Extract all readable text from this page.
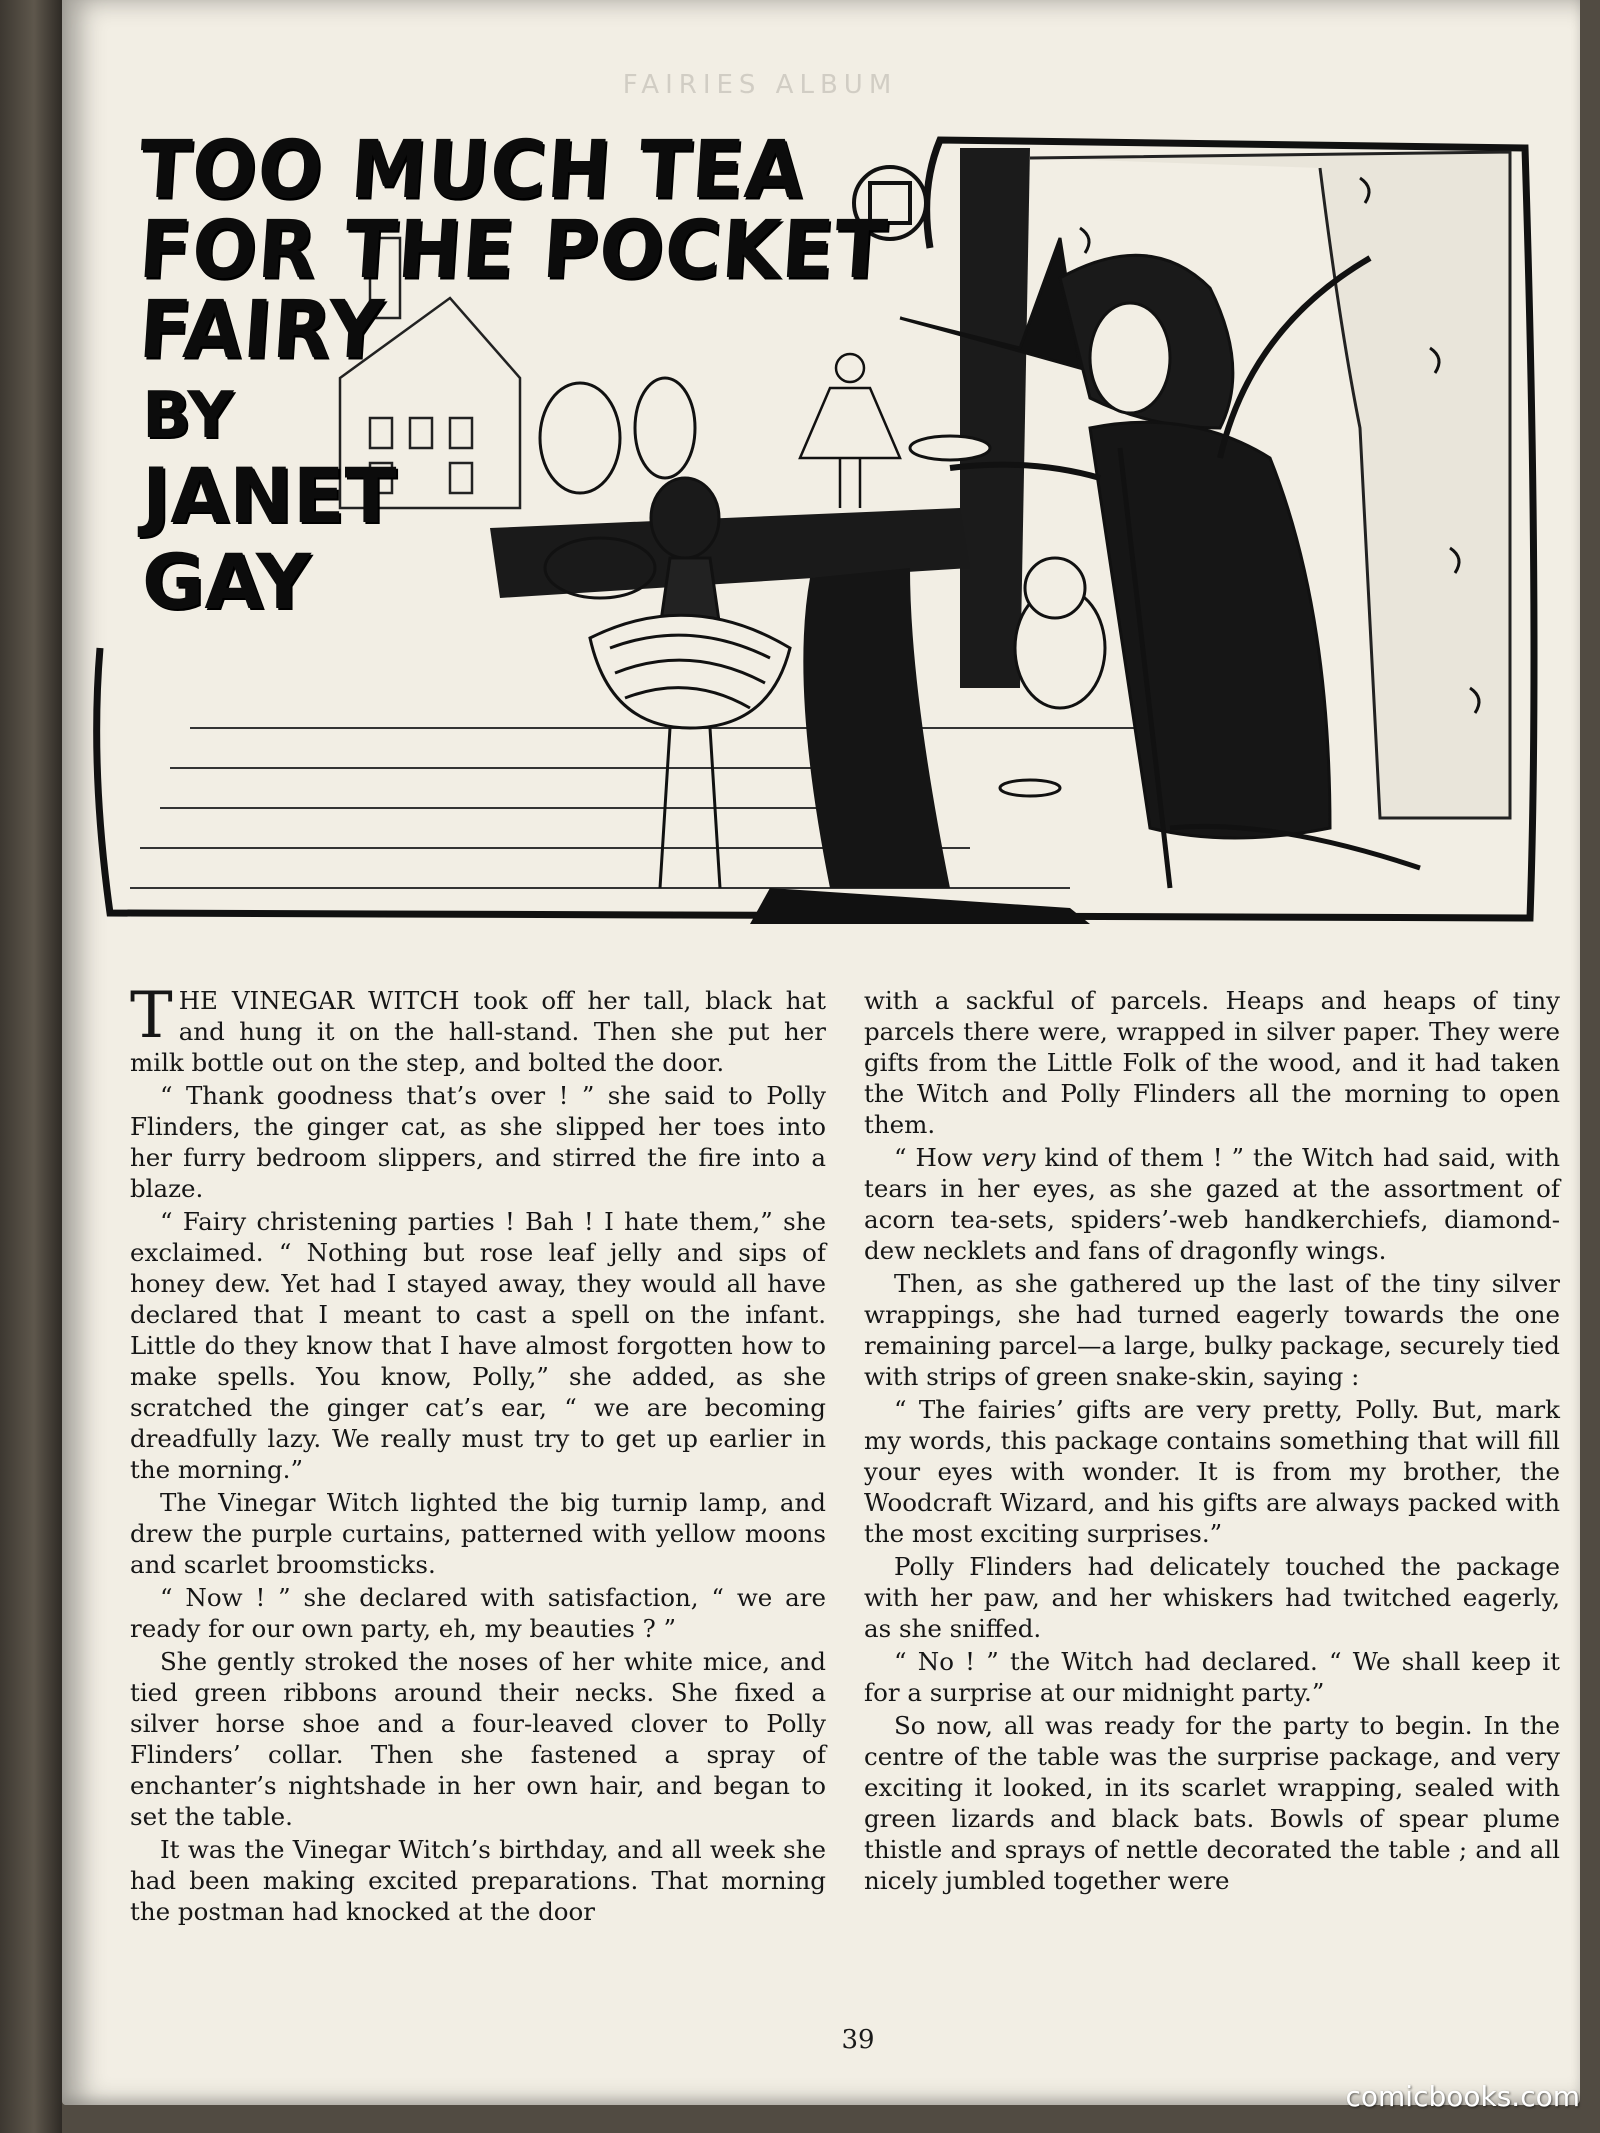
FAIRIES ALBUM
TOO MUCH TEA
FOR THE POCKET
FAIRY
BY
JANET
GAY

THE VINEGAR WITCH took off her tall, black hat and hung it on the hall-stand. Then she put her milk bottle out on the step, and bolted the door.

“ Thank goodness that’s over ! ” she said to Polly Flinders, the ginger cat, as she slipped her toes into her furry bedroom slippers, and stirred the fire into a blaze.

“ Fairy christening parties ! Bah ! I hate them,” she exclaimed. “ Nothing but rose leaf jelly and sips of honey dew. Yet had I stayed away, they would all have declared that I meant to cast a spell on the infant. Little do they know that I have almost forgotten how to make spells. You know, Polly,” she added, as she scratched the ginger cat’s ear, “ we are becoming dreadfully lazy. We really must try to get up earlier in the morning.”

The Vinegar Witch lighted the big turnip lamp, and drew the purple curtains, patterned with yellow moons and scarlet broomsticks.

“ Now ! ” she declared with satisfaction, “ we are ready for our own party, eh, my beauties ? ”

She gently stroked the noses of her white mice, and tied green ribbons around their necks. She fixed a silver horse shoe and a four-leaved clover to Polly Flinders’ collar. Then she fastened a spray of enchanter’s nightshade in her own hair, and began to set the table.

It was the Vinegar Witch’s birthday, and all week she had been making excited preparations. That morning the postman had knocked at the door

with a sackful of parcels. Heaps and heaps of tiny parcels there were, wrapped in silver paper. They were gifts from the Little Folk of the wood, and it had taken the Witch and Polly Flinders all the morning to open them.

“ How very kind of them ! ” the Witch had said, with tears in her eyes, as she gazed at the assortment of acorn tea-sets, spiders’-web handkerchiefs, diamond-dew necklets and fans of dragonfly wings.

Then, as she gathered up the last of the tiny silver wrappings, she had turned eagerly towards the one remaining parcel—a large, bulky package, securely tied with strips of green snake-skin, saying :

“ The fairies’ gifts are very pretty, Polly. But, mark my words, this package contains something that will fill your eyes with wonder. It is from my brother, the Woodcraft Wizard, and his gifts are always packed with the most exciting surprises.”

Polly Flinders had delicately touched the package with her paw, and her whiskers had twitched eagerly, as she sniffed.

“ No ! ” the Witch had declared. “ We shall keep it for a surprise at our midnight party.”

So now, all was ready for the party to begin. In the centre of the table was the surprise package, and very exciting it looked, in its scarlet wrapping, sealed with green lizards and black bats. Bowls of spear plume thistle and sprays of nettle decorated the table ; and all nicely jumbled together were

39
comicbooks.com
